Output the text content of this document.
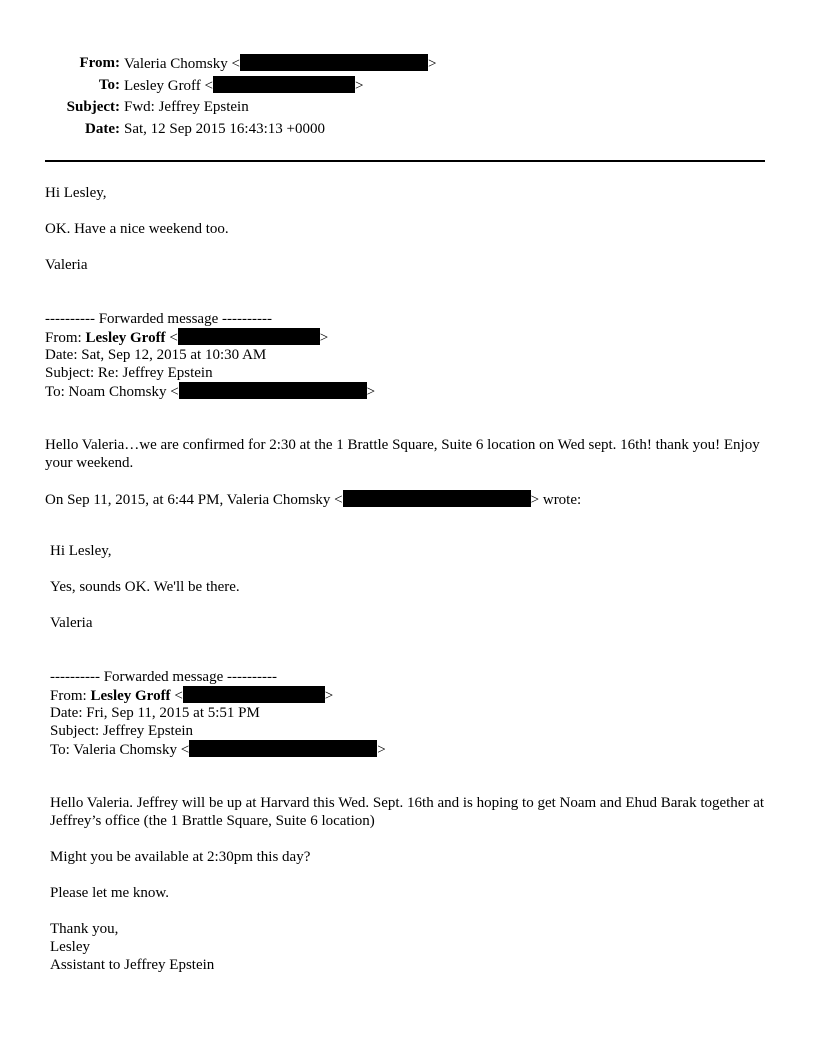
From: Valeria Chomsky <	>
To: Lesley Groff <	>
Subject: Fwd: Jeffrey Epstein
Date: Sat, 12 Sep 2015 16:43:13 +0000
Hi Lesley,
OK. Have a nice weekend too.
Valeria
---------- Forwarded message ----------
From: Lesley Groff <	>
Date: Sat, Sep 12, 2015 at 10:30 AM
Subject: Re: Jeffrey Epstein
To: Noam Chomsky <	>
Hello Valeria…we are confirmed for 2:30 at the 1 Brattle Square, Suite 6 location on Wed sept. 16th! thank you! Enjoy your weekend.
On Sep 11, 2015, at 6:44 PM, Valeria Chomsky <	> wrote:
Hi Lesley,
Yes, sounds OK. We'll be there.
Valeria
---------- Forwarded message ----------
From: Lesley Groff <	>
Date: Fri, Sep 11, 2015 at 5:51 PM
Subject: Jeffrey Epstein
To: Valeria Chomsky <	>
Hello Valeria. Jeffrey will be up at Harvard this Wed. Sept. 16th and is hoping to get Noam and Ehud Barak together at Jeffrey’s office (the 1 Brattle Square, Suite 6 location)
Might you be available at 2:30pm this day?
Please let me know.
Thank you,
Lesley
Assistant to Jeffrey Epstein
